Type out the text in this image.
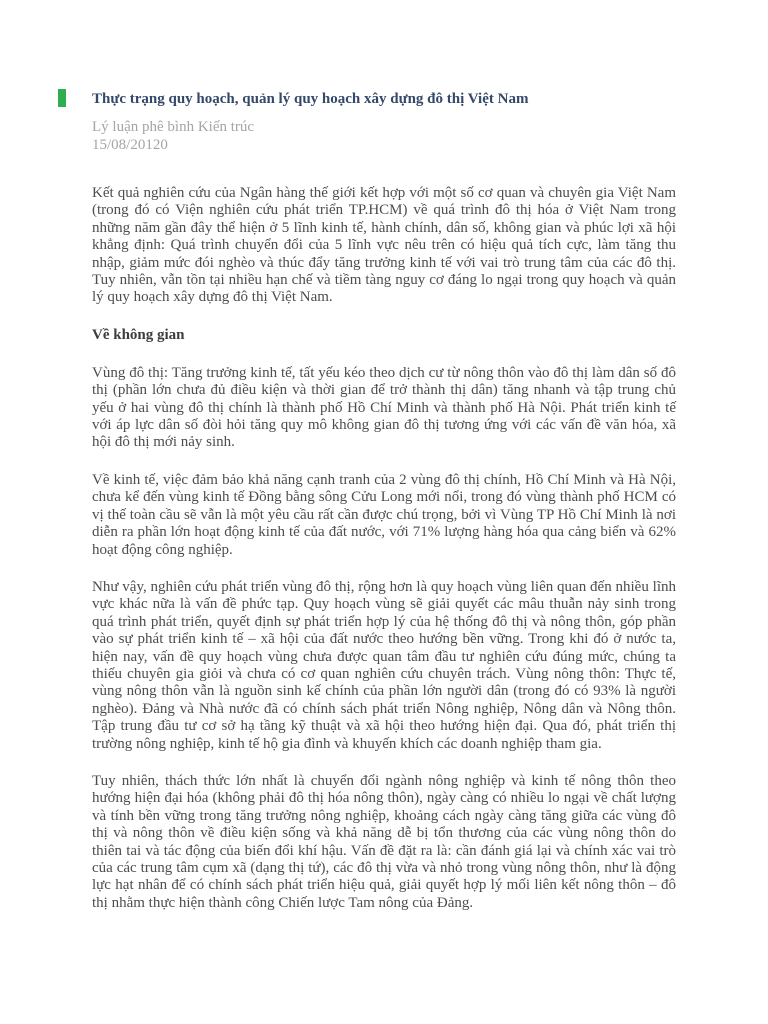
Thực trạng quy hoạch, quản lý quy hoạch xây dựng đô thị Việt Nam
Lý luận phê bình Kiến trúc
15/08/20120

Kết quả nghiên cứu của Ngân hàng thế giới kết hợp với một số cơ quan và chuyên gia Việt Nam (trong đó có Viện nghiên cứu phát triển TP.HCM) về quá trình đô thị hóa ở Việt Nam trong những năm gần đây thể hiện ở 5 lĩnh kinh tế, hành chính, dân số, không gian và phúc lợi xã hội khẳng định: Quá trình chuyển đổi của 5 lĩnh vực nêu trên có hiệu quả tích cực, làm tăng thu nhập, giảm mức đói nghèo và thúc đẩy tăng trưởng kinh tế với vai trò trung tâm của các đô thị. Tuy nhiên, vẫn tồn tại nhiều hạn chế và tiềm tàng nguy cơ đáng lo ngại trong quy hoạch và quản lý quy hoạch xây dựng đô thị Việt Nam.

Về không gian

Vùng đô thị: Tăng trưởng kinh tế, tất yếu kéo theo dịch cư từ nông thôn vào đô thị làm dân số đô thị (phần lớn chưa đủ điều kiện và thời gian để trở thành thị dân) tăng nhanh và tập trung chủ yếu ở hai vùng đô thị chính là thành phố Hồ Chí Minh và thành phố Hà Nội. Phát triển kinh tế với áp lực dân số đòi hỏi tăng quy mô không gian đô thị tương ứng với các vấn đề văn hóa, xã hội đô thị mới nảy sinh.

Về kinh tế, việc đảm bảo khả năng cạnh tranh của 2 vùng đô thị chính, Hồ Chí Minh và Hà Nội, chưa kể đến vùng kinh tế Đồng bằng sông Cửu Long mới nổi, trong đó vùng thành phố HCM có vị thế toàn cầu sẽ vẫn là một yêu cầu rất cần được chú trọng, bởi vì Vùng TP Hồ Chí Minh là nơi diễn ra phần lớn hoạt động kinh tế của đất nước, với 71% lượng hàng hóa qua cảng biển và 62% hoạt động công nghiệp.

Như vậy, nghiên cứu phát triển vùng đô thị, rộng hơn là quy hoạch vùng liên quan đến nhiều lĩnh vực khác nữa là vấn đề phức tạp. Quy hoạch vùng sẽ giải quyết các mâu thuẫn nảy sinh trong quá trình phát triển, quyết định sự phát triển hợp lý của hệ thống đô thị và nông thôn, góp phần vào sự phát triển kinh tế – xã hội của đất nước theo hướng bền vững. Trong khi đó ở nước ta, hiện nay, vấn đề quy hoạch vùng chưa được quan tâm đầu tư nghiên cứu đúng mức, chúng ta thiếu chuyên gia giỏi và chưa có cơ quan nghiên cứu chuyên trách. Vùng nông thôn: Thực tế, vùng nông thôn vẫn là nguồn sinh kế chính của phần lớn người dân (trong đó có 93% là người nghèo). Đảng và Nhà nước đã có chính sách phát triển Nông nghiệp, Nông dân và Nông thôn. Tập trung đầu tư cơ sở hạ tầng kỹ thuật và xã hội theo hướng hiện đại. Qua đó, phát triển thị trường nông nghiệp, kinh tế hộ gia đình và khuyến khích các doanh nghiệp tham gia.

Tuy nhiên, thách thức lớn nhất là chuyển đổi ngành nông nghiệp và kinh tế nông thôn theo hướng hiện đại hóa (không phải đô thị hóa nông thôn), ngày càng có nhiều lo ngại về chất lượng và tính bền vững trong tăng trưởng nông nghiệp, khoảng cách ngày càng tăng giữa các vùng đô thị và nông thôn về điều kiện sống và khả năng dễ bị tổn thương của các vùng nông thôn do thiên tai và tác động của biến đổi khí hậu. Vấn đề đặt ra là: cần đánh giá lại và chính xác vai trò của các trung tâm cụm xã (dạng thị tứ), các đô thị vừa và nhỏ trong vùng nông thôn, như là động lực hạt nhân để có chính sách phát triển hiệu quả, giải quyết hợp lý mối liên kết nông thôn – đô thị nhằm thực hiện thành công Chiến lược Tam nông của Đảng.
